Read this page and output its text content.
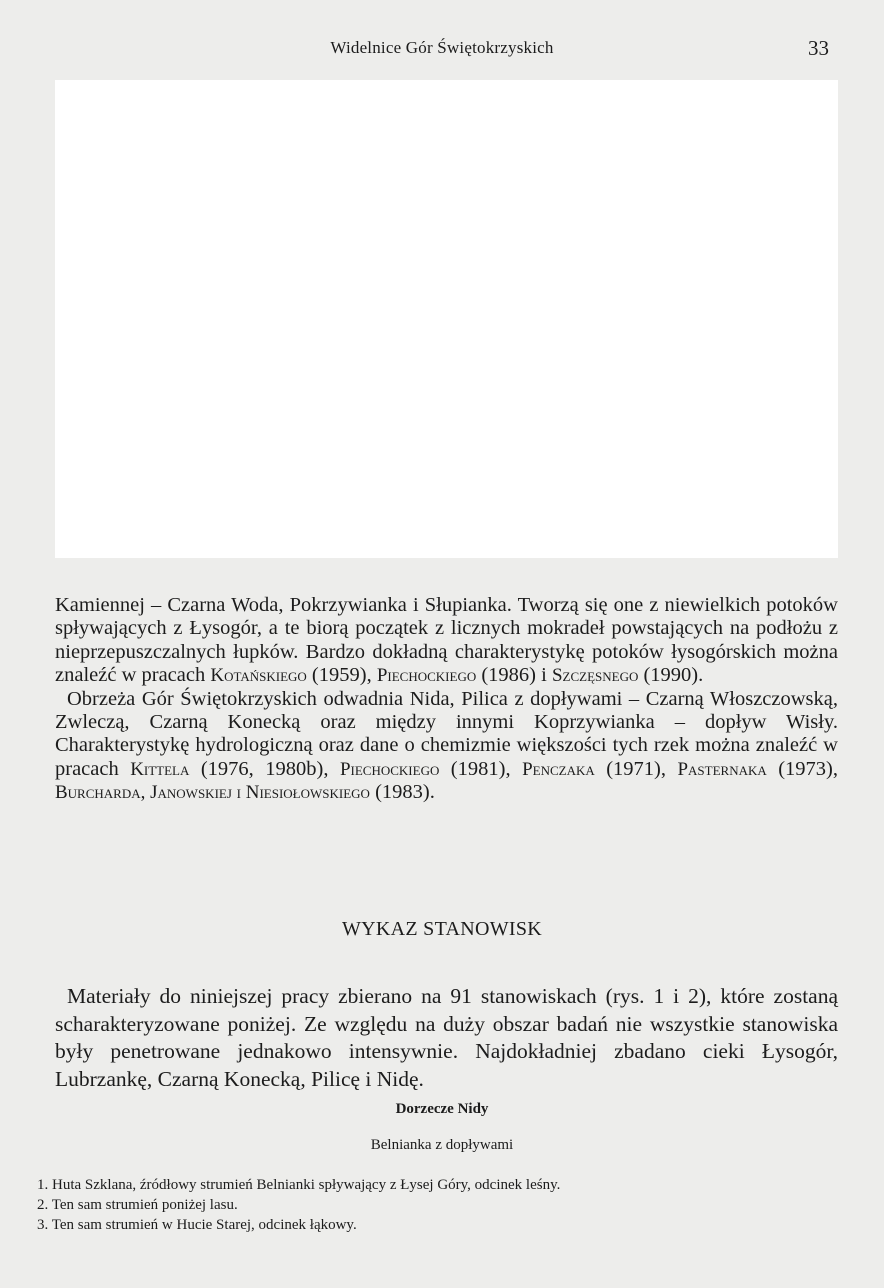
Widelnice Gór Świętokrzyskich	33

Kamiennej – Czarna Woda, Pokrzywianka i Słupianka. Tworzą się one z niewielkich potoków spływających z Łysogór, a te biorą początek z licznych mokradeł powstających na podłożu z nieprzepuszczalnych łupków. Bardzo dokładną charakterystykę potoków łysogórskich można znaleźć w pracach Kotańskiego (1959), Piechockiego (1986) i Szczęsnego (1990).

Obrzeża Gór Świętokrzyskich odwadnia Nida, Pilica z dopływami – Czarną Włoszczowską, Zwleczą, Czarną Konecką oraz między innymi Koprzywianka – dopływ Wisły. Charakterystykę hydrologiczną oraz dane o chemizmie większości tych rzek można znaleźć w pracach Kittela (1976, 1980b), Piechockiego (1981), Penczaka (1971), Pasternaka (1973), Burcharda, Janowskiej i Niesiołowskiego (1983).

WYKAZ STANOWISK

Materiały do niniejszej pracy zbierano na 91 stanowiskach (rys. 1 i 2), które zostaną scharakteryzowane poniżej. Ze względu na duży obszar badań nie wszystkie stanowiska były penetrowane jednakowo intensywnie. Najdokładniej zbadano cieki Łysogór, Lubrzankę, Czarną Konecką, Pilicę i Nidę.

Dorzecze Nidy
Belnianka z dopływami
1. Huta Szklana, źródłowy strumień Belnianki spływający z Łysej Góry, odcinek leśny.
2. Ten sam strumień poniżej lasu.
3. Ten sam strumień w Hucie Starej, odcinek łąkowy.
